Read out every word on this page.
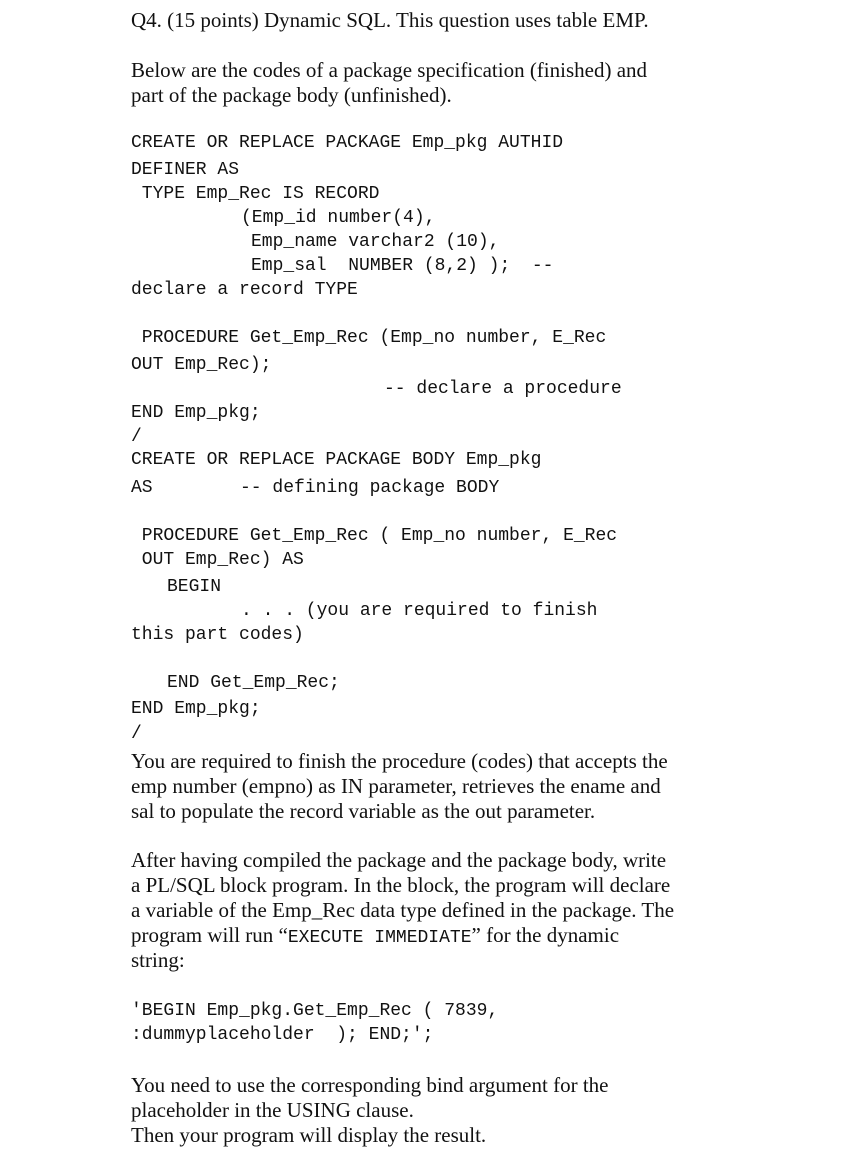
Q4. (15 points) Dynamic SQL. This question uses table EMP.
Below are the codes of a package specification (finished) and
part of the package body (unfinished).
CREATE OR REPLACE PACKAGE Emp_pkg AUTHID
DEFINER AS
TYPE Emp_Rec IS RECORD
(Emp_id number(4),
Emp_name varchar2 (10),
Emp_sal  NUMBER (8,2) );  --
declare a record TYPE
PROCEDURE Get_Emp_Rec (Emp_no number, E_Rec
OUT Emp_Rec);
-- declare a procedure
END Emp_pkg;
/
CREATE OR REPLACE PACKAGE BODY Emp_pkg
AS	-- defining package BODY
PROCEDURE Get_Emp_Rec ( Emp_no number, E_Rec
OUT Emp_Rec) AS
BEGIN
. . . (you are required to finish
this part codes)
END Get_Emp_Rec;
END Emp_pkg;
/
You are required to finish the procedure (codes) that accepts the
emp number (empno) as IN parameter, retrieves the ename and
sal to populate the record variable as the out parameter.
After having compiled the package and the package body, write
a PL/SQL block program. In the block, the program will declare
a variable of the Emp_Rec data type defined in the package. The
program will run “EXECUTE IMMEDIATE” for the dynamic
string:
'BEGIN Emp_pkg.Get_Emp_Rec ( 7839,
:dummyplaceholder  ); END;';
You need to use the corresponding bind argument for the
placeholder in the USING clause.
Then your program will display the result.
